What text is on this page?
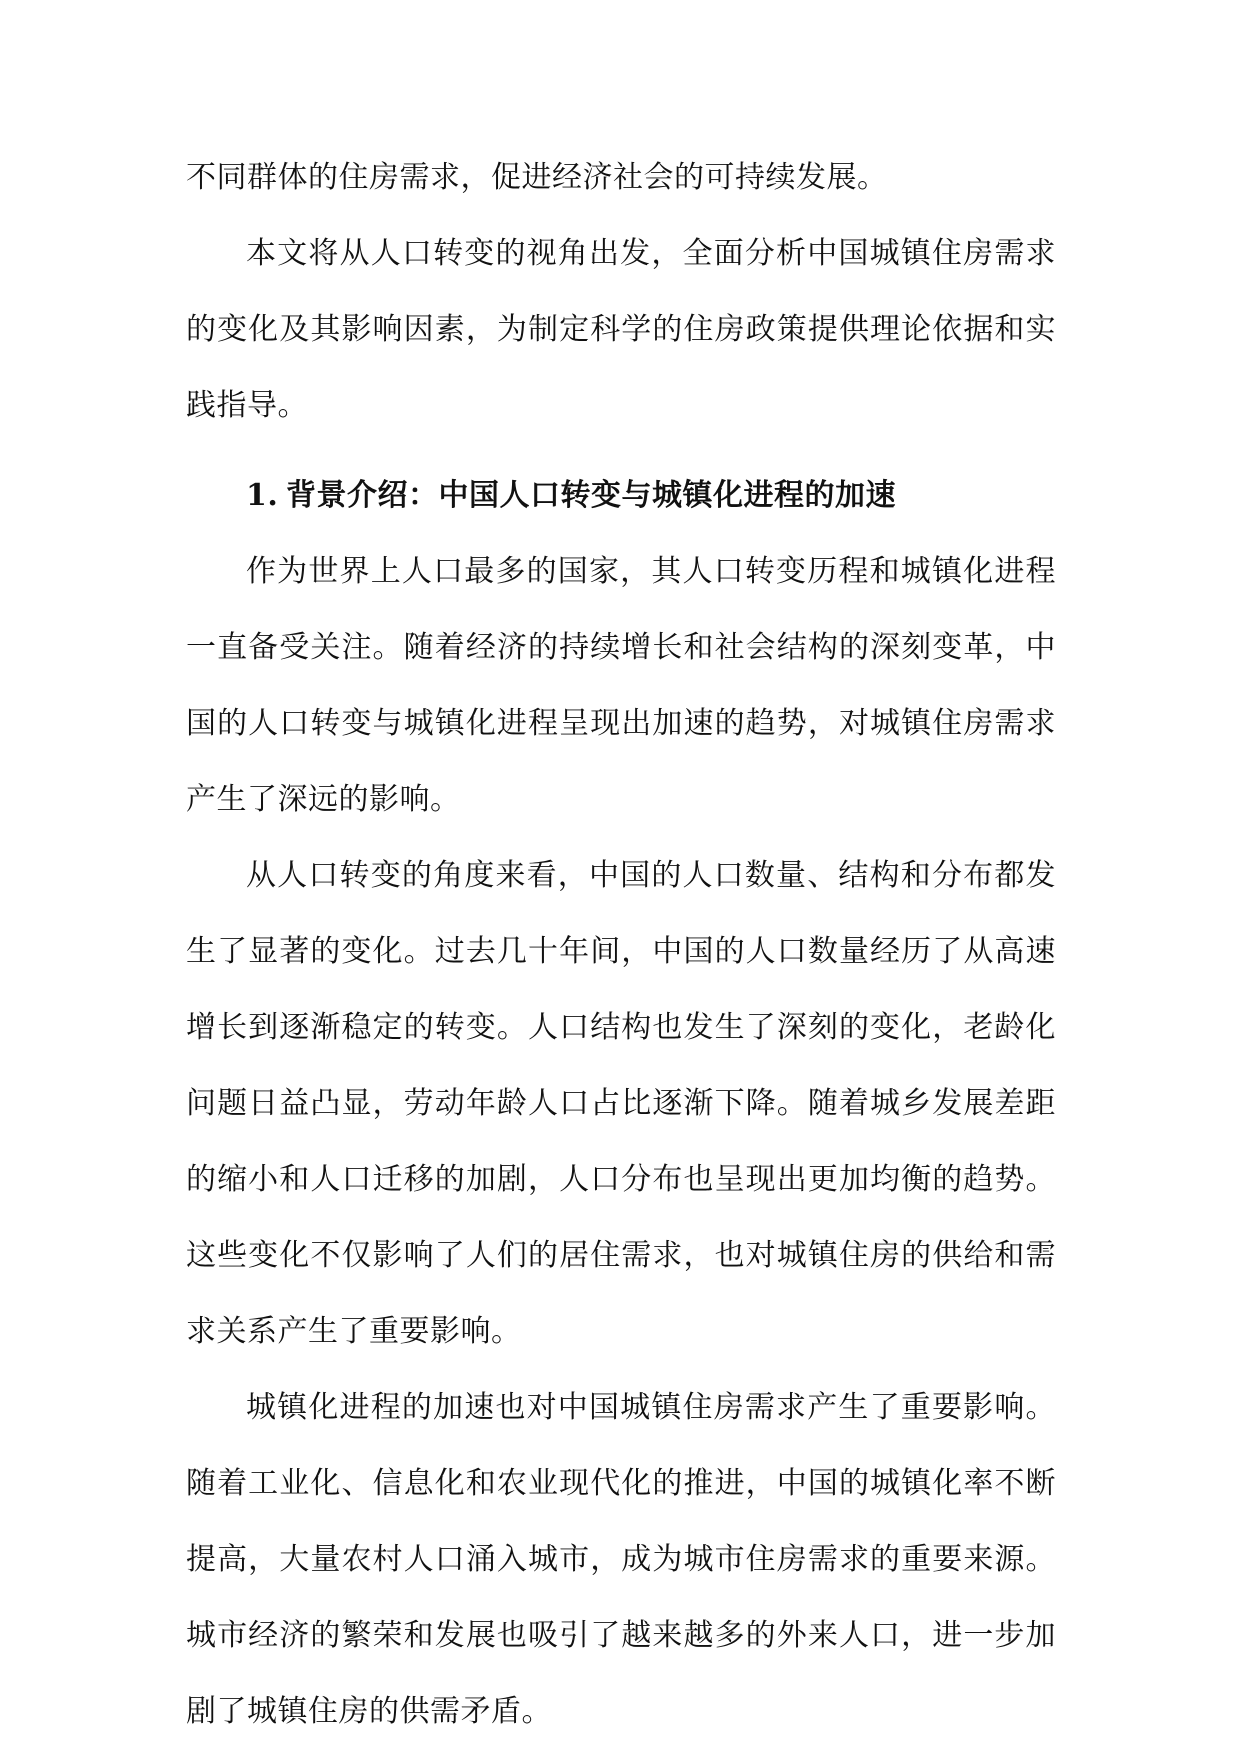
不同群体的住房需求，促进经济社会的可持续发展。

本文将从人口转变的视角出发，全面分析中国城镇住房需求的变化及其影响因素，为制定科学的住房政策提供理论依据和实践指导。

1. 背景介绍：中国人口转变与城镇化进程的加速

作为世界上人口最多的国家，其人口转变历程和城镇化进程一直备受关注。随着经济的持续增长和社会结构的深刻变革，中国的人口转变与城镇化进程呈现出加速的趋势，对城镇住房需求产生了深远的影响。

从人口转变的角度来看，中国的人口数量、结构和分布都发生了显著的变化。过去几十年间，中国的人口数量经历了从高速增长到逐渐稳定的转变。人口结构也发生了深刻的变化，老龄化问题日益凸显，劳动年龄人口占比逐渐下降。随着城乡发展差距的缩小和人口迁移的加剧，人口分布也呈现出更加均衡的趋势。这些变化不仅影响了人们的居住需求，也对城镇住房的供给和需求关系产生了重要影响。

城镇化进程的加速也对中国城镇住房需求产生了重要影响。随着工业化、信息化和农业现代化的推进，中国的城镇化率不断提高，大量农村人口涌入城市，成为城市住房需求的重要来源。城市经济的繁荣和发展也吸引了越来越多的外来人口，进一步加剧了城镇住房的供需矛盾。
